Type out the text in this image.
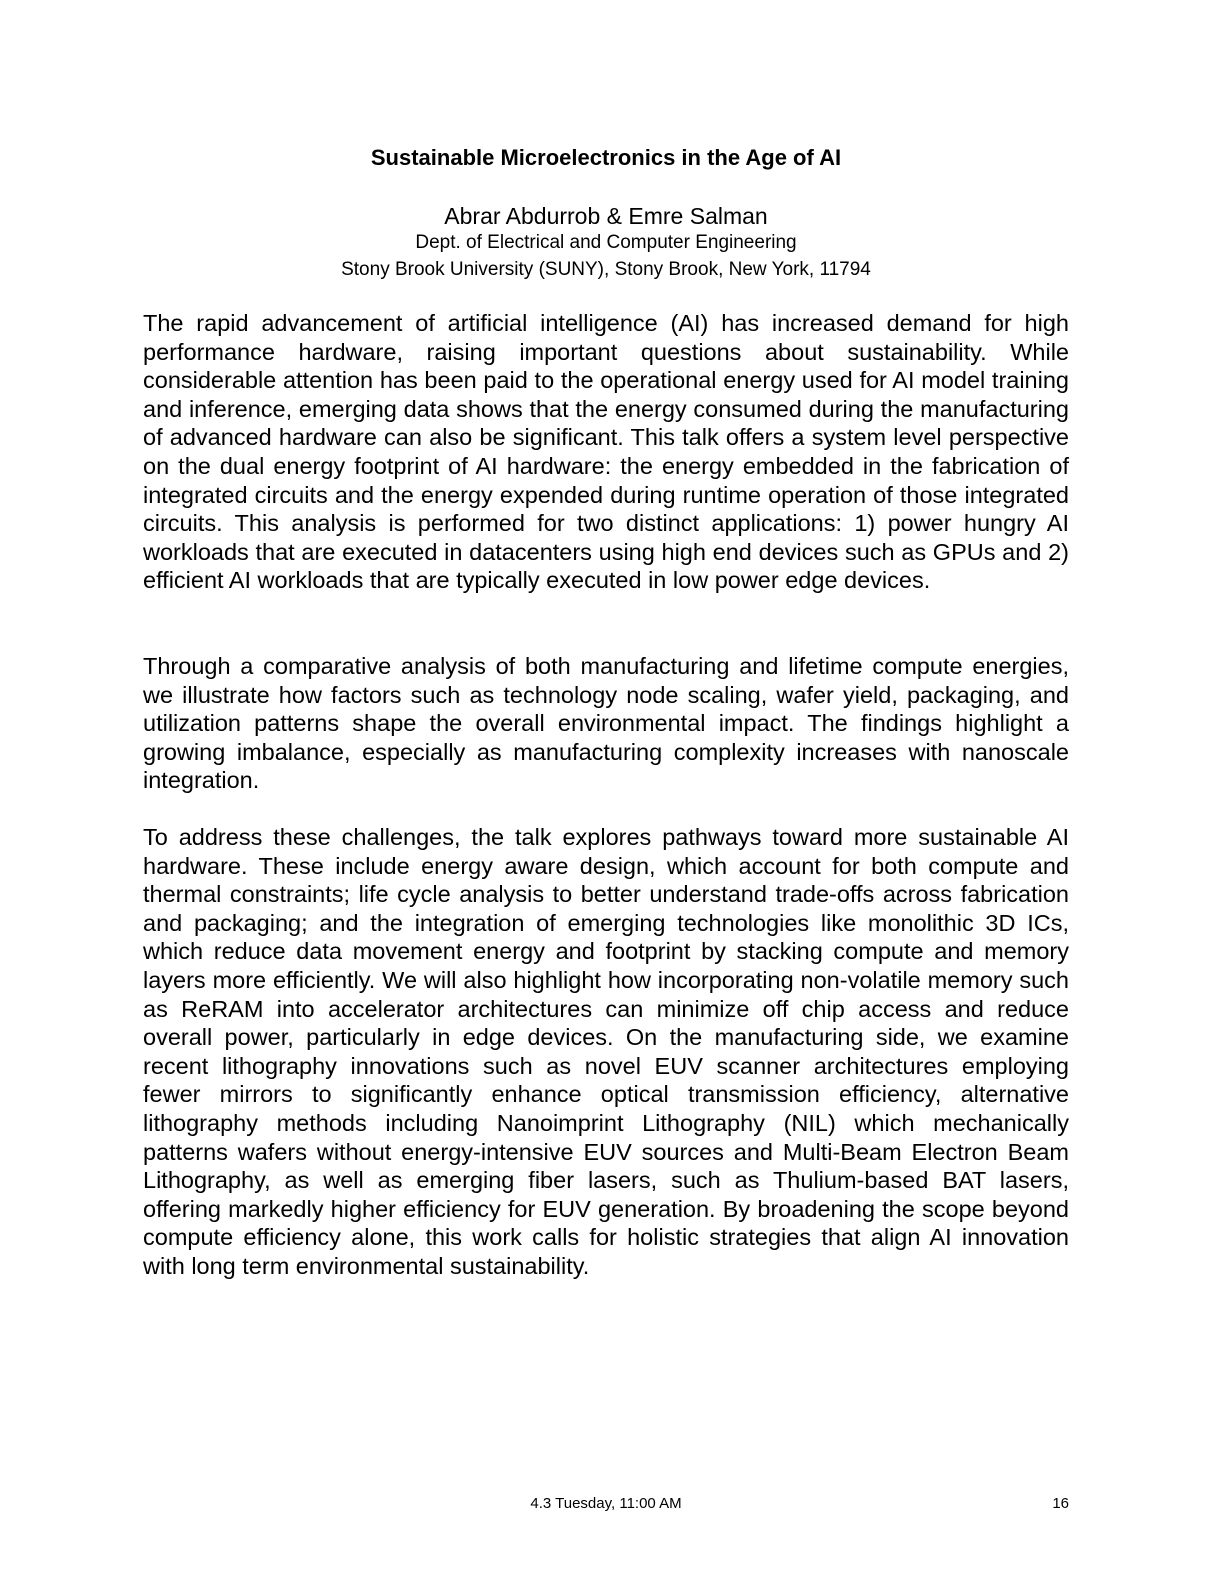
Sustainable Microelectronics in the Age of AI
Abrar Abdurrob & Emre Salman
Dept. of Electrical and Computer Engineering
Stony Brook University (SUNY), Stony Brook, New York, 11794

The rapid advancement of artificial intelligence (AI) has increased demand for high performance hardware, raising important questions about sustainability. While considerable attention has been paid to the operational energy used for AI model training and inference, emerging data shows that the energy consumed during the manufacturing of advanced hardware can also be significant. This talk offers a system level perspective on the dual energy footprint of AI hardware: the energy embedded in the fabrication of integrated circuits and the energy expended during runtime operation of those integrated circuits. This analysis is performed for two distinct applications: 1) power hungry AI workloads that are executed in datacenters using high end devices such as GPUs and 2) efficient AI workloads that are typically executed in low power edge devices.

Through a comparative analysis of both manufacturing and lifetime compute energies, we illustrate how factors such as technology node scaling, wafer yield, packaging, and utilization patterns shape the overall environmental impact. The findings highlight a growing imbalance, especially as manufacturing complexity increases with nanoscale integration.

To address these challenges, the talk explores pathways toward more sustainable AI hardware. These include energy aware design, which account for both compute and thermal constraints; life cycle analysis to better understand trade-offs across fabrication and packaging; and the integration of emerging technologies like monolithic 3D ICs, which reduce data movement energy and footprint by stacking compute and memory layers more efficiently. We will also highlight how incorporating non-volatile memory such as ReRAM into accelerator architectures can minimize off chip access and reduce overall power, particularly in edge devices. On the manufacturing side, we examine recent lithography innovations such as novel EUV scanner architectures employing fewer mirrors to significantly enhance optical transmission efficiency, alternative lithography methods including Nanoimprint Lithography (NIL) which mechanically patterns wafers without energy-intensive EUV sources and Multi-Beam Electron Beam Lithography, as well as emerging fiber lasers, such as Thulium-based BAT lasers, offering markedly higher efficiency for EUV generation. By broadening the scope beyond compute efficiency alone, this work calls for holistic strategies that align AI innovation with long term environmental sustainability.

4.3 Tuesday, 11:00 AM	16
